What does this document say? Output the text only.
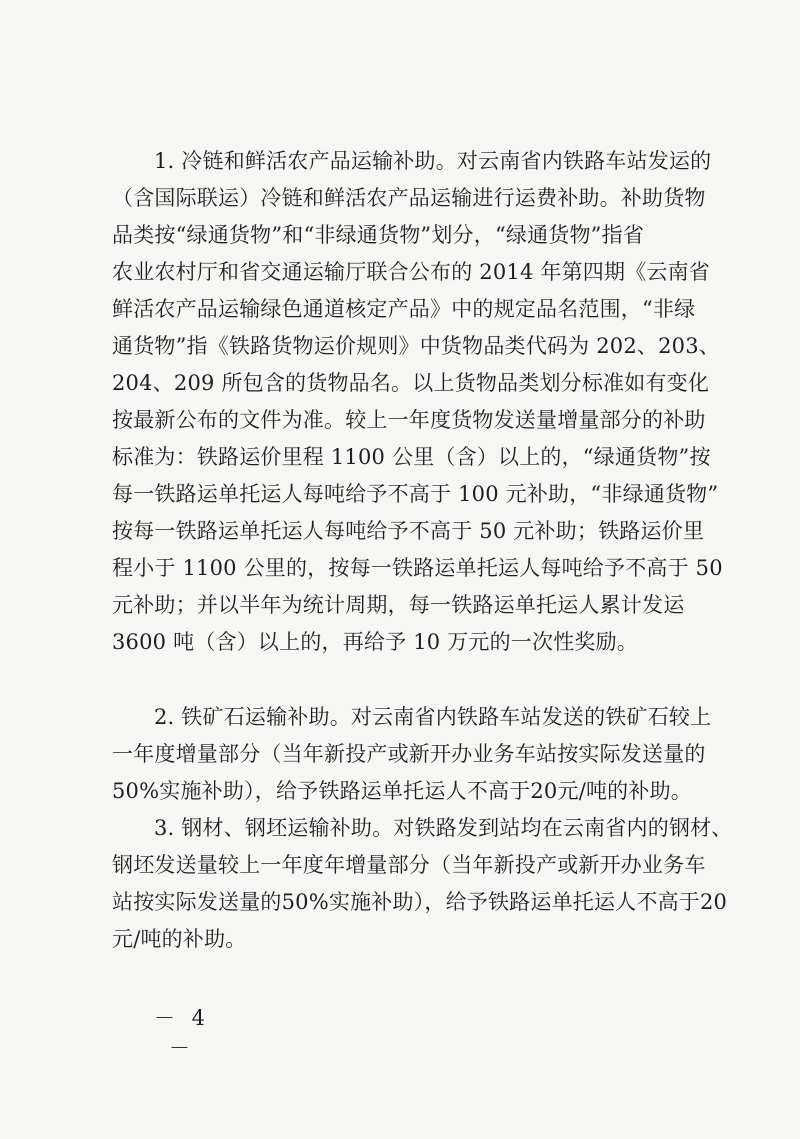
1. 冷链和鲜活农产品运输补助。对云南省内铁路车站发运的
（含国际联运）冷链和鲜活农产品运输进行运费补助。补助货物
品类按“绿通货物”和“非绿通货物”划分，“绿通货物”指省
农业农村厅和省交通运输厅联合公布的 2014 年第四期《云南省
鲜活农产品运输绿色通道核定产品》中的规定品名范围，“非绿
通货物”指《铁路货物运价规则》中货物品类代码为 202、203、
204、209 所包含的货物品名。以上货物品类划分标准如有变化
按最新公布的文件为准。较上一年度货物发送量增量部分的补助
标准为：铁路运价里程 1100 公里（含）以上的，“绿通货物”按
每一铁路运单托运人每吨给予不高于 100 元补助，“非绿通货物”
按每一铁路运单托运人每吨给予不高于 50 元补助；铁路运价里
程小于 1100 公里的，按每一铁路运单托运人每吨给予不高于 50
元补助；并以半年为统计周期，每一铁路运单托运人累计发运
3600 吨（含）以上的，再给予 10 万元的一次性奖励。
2. 铁矿石运输补助。对云南省内铁路车站发送的铁矿石较上
一年度增量部分（当年新投产或新开办业务车站按实际发送量的
50%实施补助），给予铁路运单托运人不高于20元/吨的补助。
3. 钢材、钢坯运输补助。对铁路发到站均在云南省内的钢材、
钢坯发送量较上一年度年增量部分（当年新投产或新开办业务车
站按实际发送量的50%实施补助），给予铁路运单托运人不高于20
元/吨的补助。
－ 4 －
